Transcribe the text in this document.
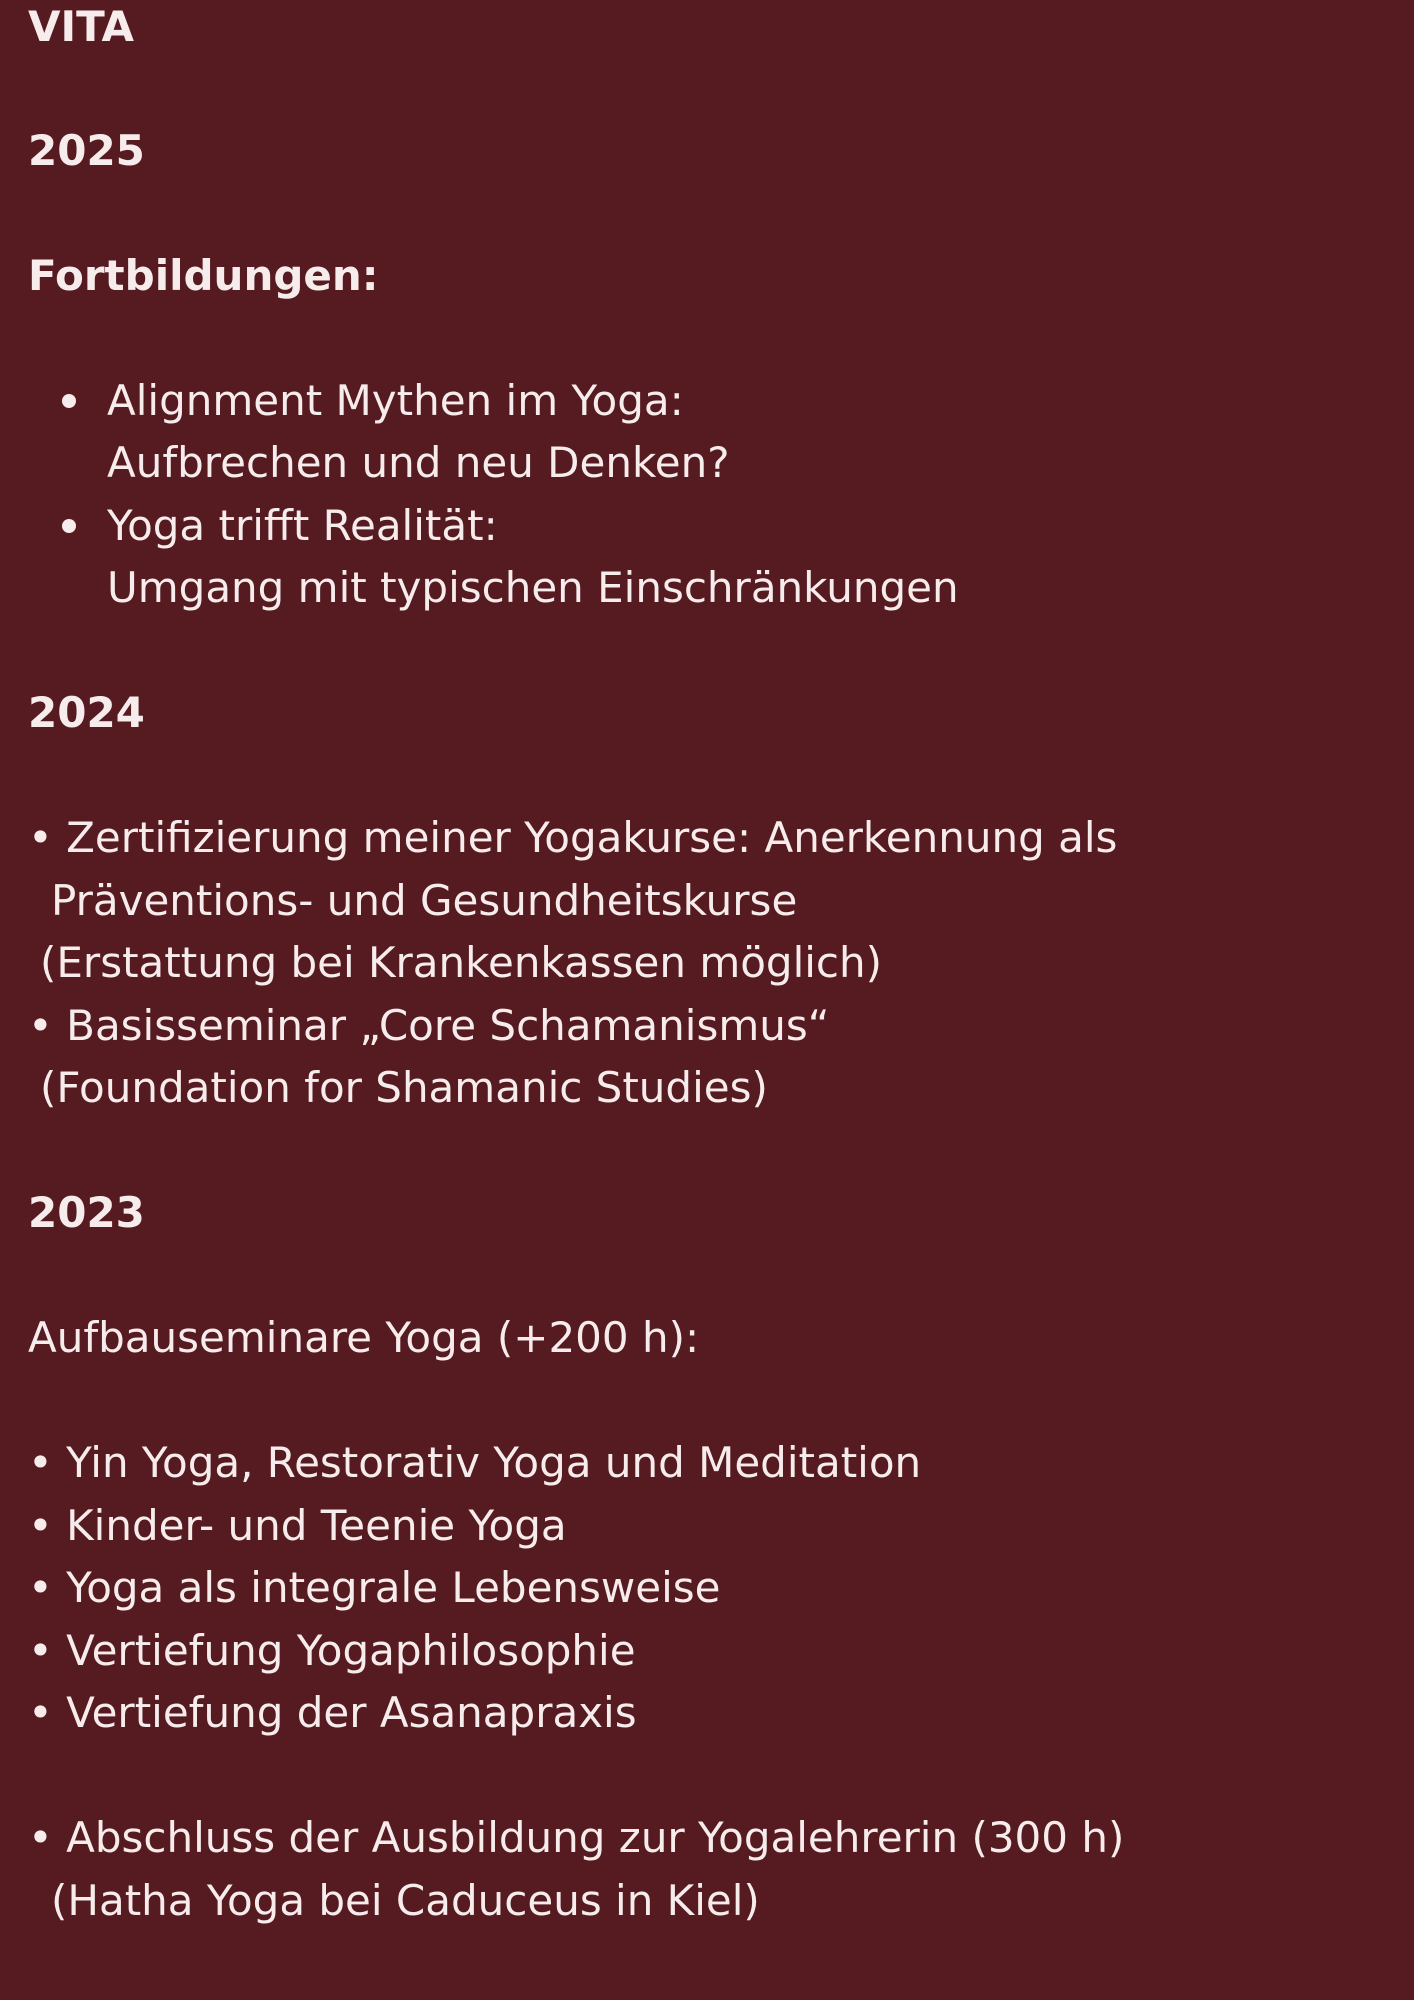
VITA
2025
Fortbildungen:
Alignment Mythen im Yoga:
Aufbrechen und neu Denken?
Yoga trifft Realität:
Umgang mit typischen Einschränkungen
2024
• Zertifizierung meiner Yogakurse: Anerkennung als
Präventions- und Gesundheitskurse
(Erstattung bei Krankenkassen möglich)
• Basisseminar „Core Schamanismus“
(Foundation for Shamanic Studies)
2023
Aufbauseminare Yoga (+200 h):
• Yin Yoga, Restorativ Yoga und Meditation
• Kinder- und Teenie Yoga
• Yoga als integrale Lebensweise
• Vertiefung Yogaphilosophie
• Vertiefung der Asanapraxis
• Abschluss der Ausbildung zur Yogalehrerin (300 h)
(Hatha Yoga bei Caduceus in Kiel)
